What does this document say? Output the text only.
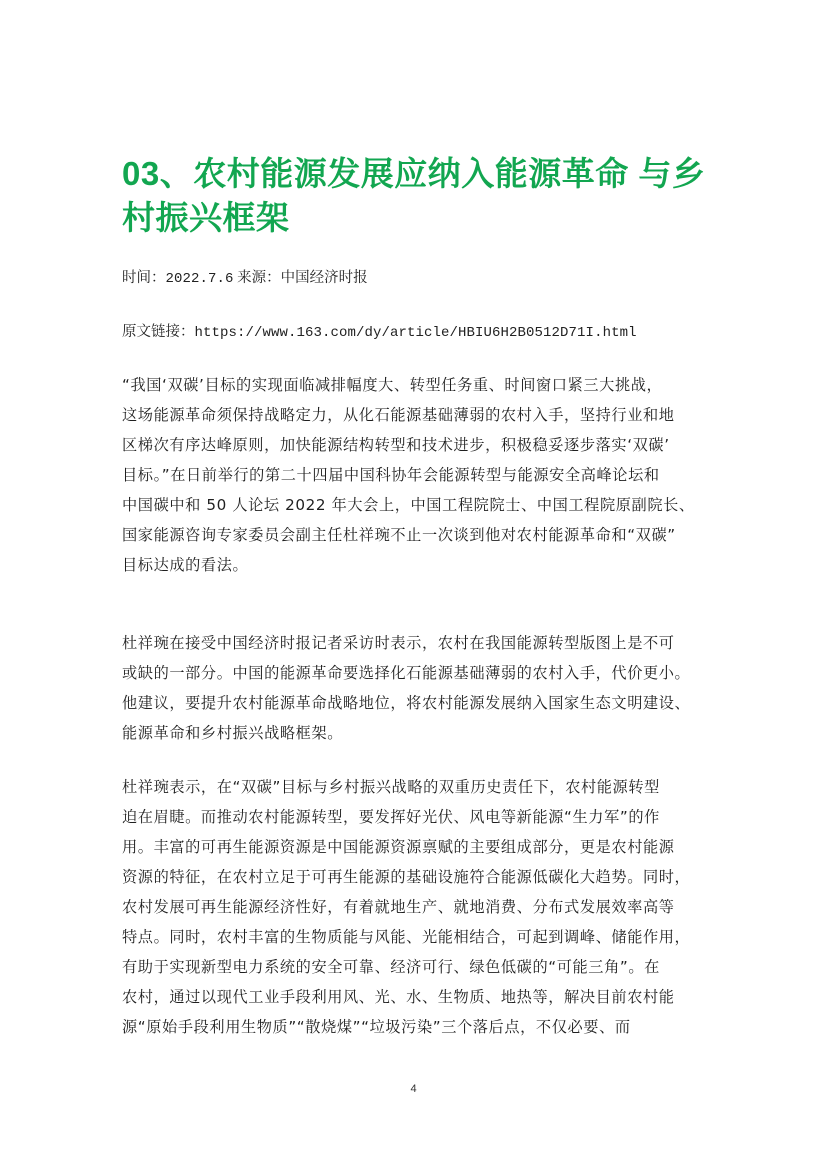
03、农村能源发展应纳入能源革命 与乡
村振兴框架
时间：2022.7.6 来源：中国经济时报
原文链接：https://www.163.com/dy/article/HBIU6H2B0512D71I.html

“我国‘双碳’目标的实现面临减排幅度大、转型任务重、时间窗口紧三大挑战，
这场能源革命须保持战略定力，从化石能源基础薄弱的农村入手，坚持行业和地
区梯次有序达峰原则，加快能源结构转型和技术进步，积极稳妥逐步落实‘双碳’
目标。”在日前举行的第二十四届中国科协年会能源转型与能源安全高峰论坛和
中国碳中和 50 人论坛 2022 年大会上，中国工程院院士、中国工程院原副院长、
国家能源咨询专家委员会副主任杜祥琬不止一次谈到他对农村能源革命和“双碳”
目标达成的看法。

杜祥琬在接受中国经济时报记者采访时表示，农村在我国能源转型版图上是不可
或缺的一部分。中国的能源革命要选择化石能源基础薄弱的农村入手，代价更小。
他建议，要提升农村能源革命战略地位，将农村能源发展纳入国家生态文明建设、
能源革命和乡村振兴战略框架。

杜祥琬表示，在“双碳”目标与乡村振兴战略的双重历史责任下，农村能源转型
迫在眉睫。而推动农村能源转型，要发挥好光伏、风电等新能源“生力军”的作
用。丰富的可再生能源资源是中国能源资源禀赋的主要组成部分，更是农村能源
资源的特征，在农村立足于可再生能源的基础设施符合能源低碳化大趋势。同时，
农村发展可再生能源经济性好，有着就地生产、就地消费、分布式发展效率高等
特点。同时，农村丰富的生物质能与风能、光能相结合，可起到调峰、储能作用，
有助于实现新型电力系统的安全可靠、经济可行、绿色低碳的“可能三角”。在
农村，通过以现代工业手段利用风、光、水、生物质、地热等，解决目前农村能
源“原始手段利用生物质”“散烧煤”“垃圾污染”三个落后点，不仅必要、而

4
